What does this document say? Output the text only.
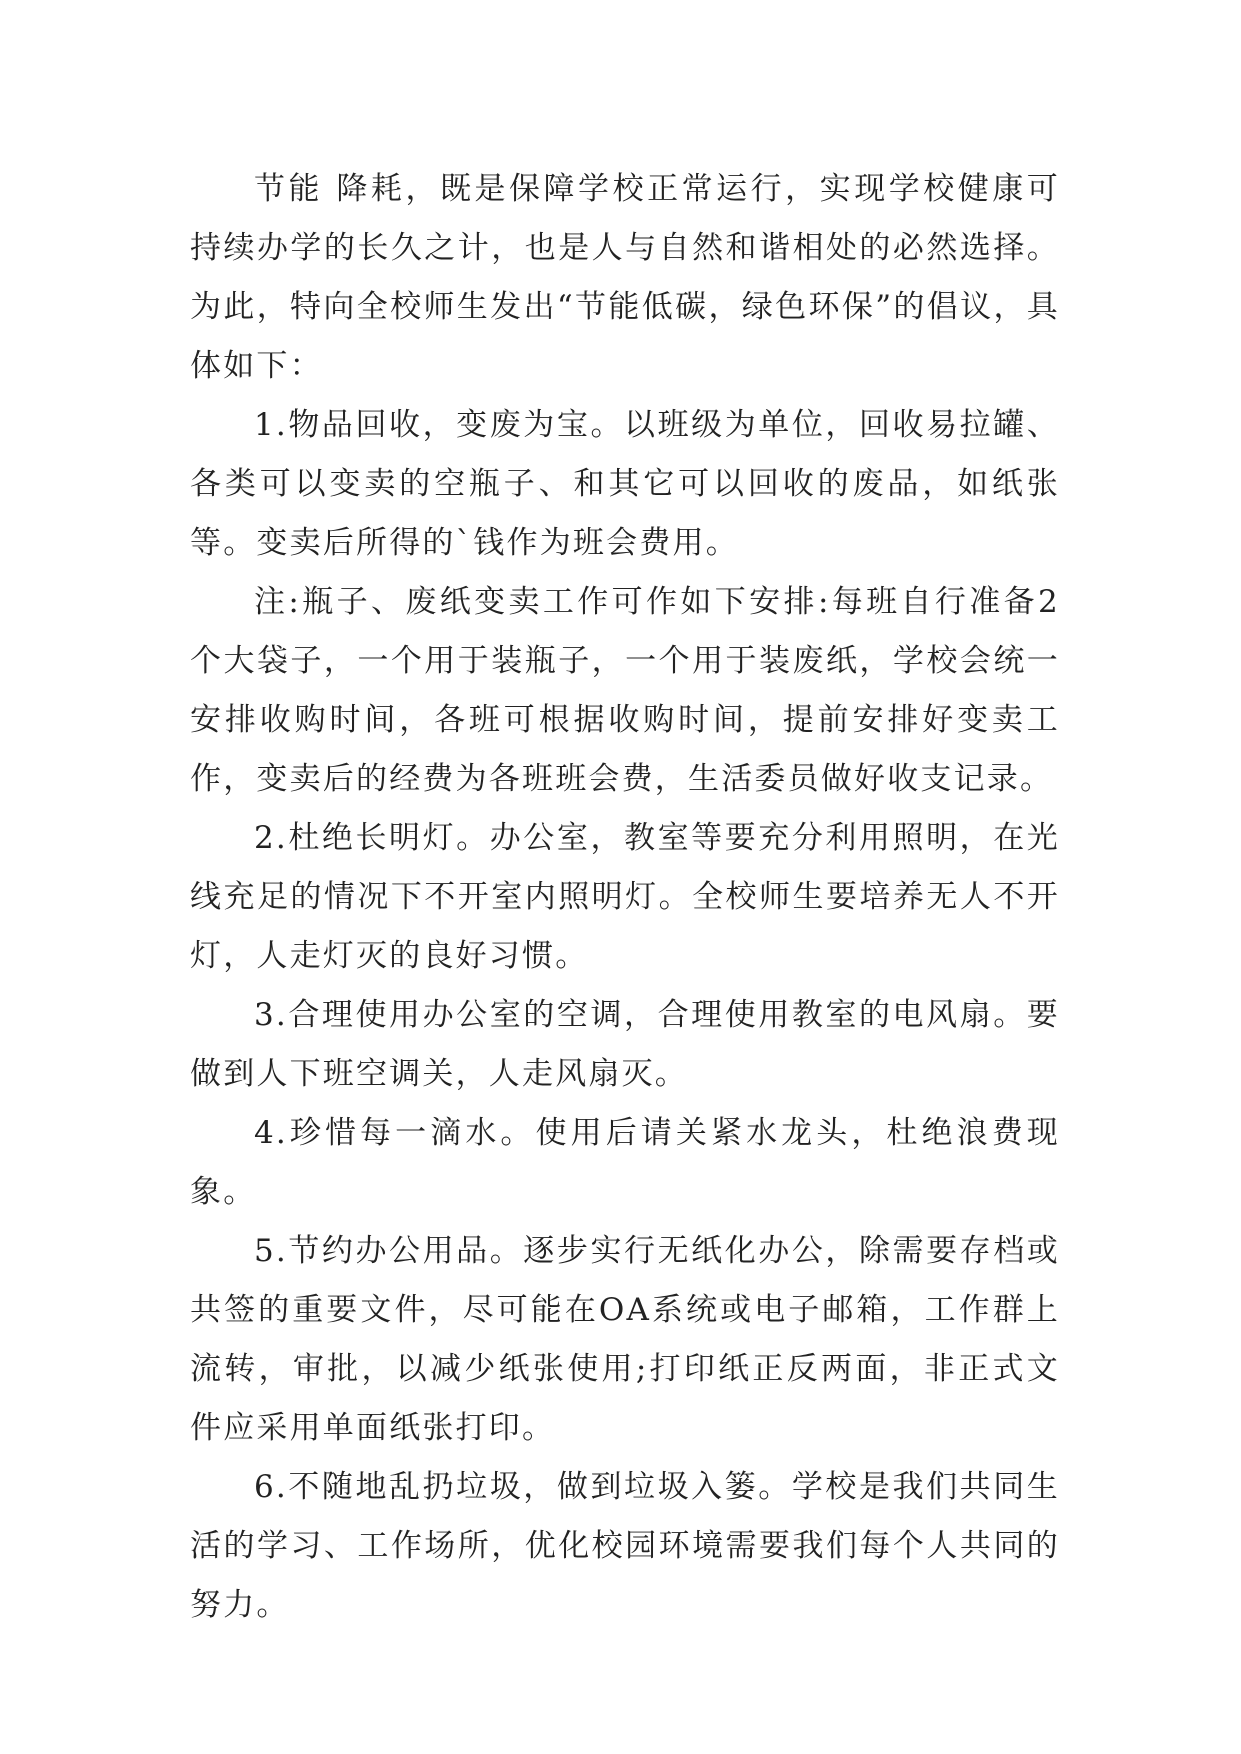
节能 降耗，既是保障学校正常运行，实现学校健康可持续办学的长久之计，也是人与自然和谐相处的必然选择。为此，特向全校师生发出“节能低碳，绿色环保”的倡议，具体如下：

1.物品回收，变废为宝。以班级为单位，回收易拉罐、各类可以变卖的空瓶子、和其它可以回收的废品，如纸张等。变卖后所得的`钱作为班会费用。

注:瓶子、废纸变卖工作可作如下安排:每班自行准备2个大袋子，一个用于装瓶子，一个用于装废纸，学校会统一安排收购时间，各班可根据收购时间，提前安排好变卖工作，变卖后的经费为各班班会费，生活委员做好收支记录。

2.杜绝长明灯。办公室，教室等要充分利用照明，在光线充足的情况下不开室内照明灯。全校师生要培养无人不开灯，人走灯灭的良好习惯。

3.合理使用办公室的空调，合理使用教室的电风扇。要做到人下班空调关，人走风扇灭。

4.珍惜每一滴水。使用后请关紧水龙头，杜绝浪费现象。

5.节约办公用品。逐步实行无纸化办公，除需要存档或共签的重要文件，尽可能在OA系统或电子邮箱，工作群上流转，审批，以减少纸张使用;打印纸正反两面，非正式文件应采用单面纸张打印。

6.不随地乱扔垃圾，做到垃圾入篓。学校是我们共同生活的学习、工作场所，优化校园环境需要我们每个人共同的努力。
